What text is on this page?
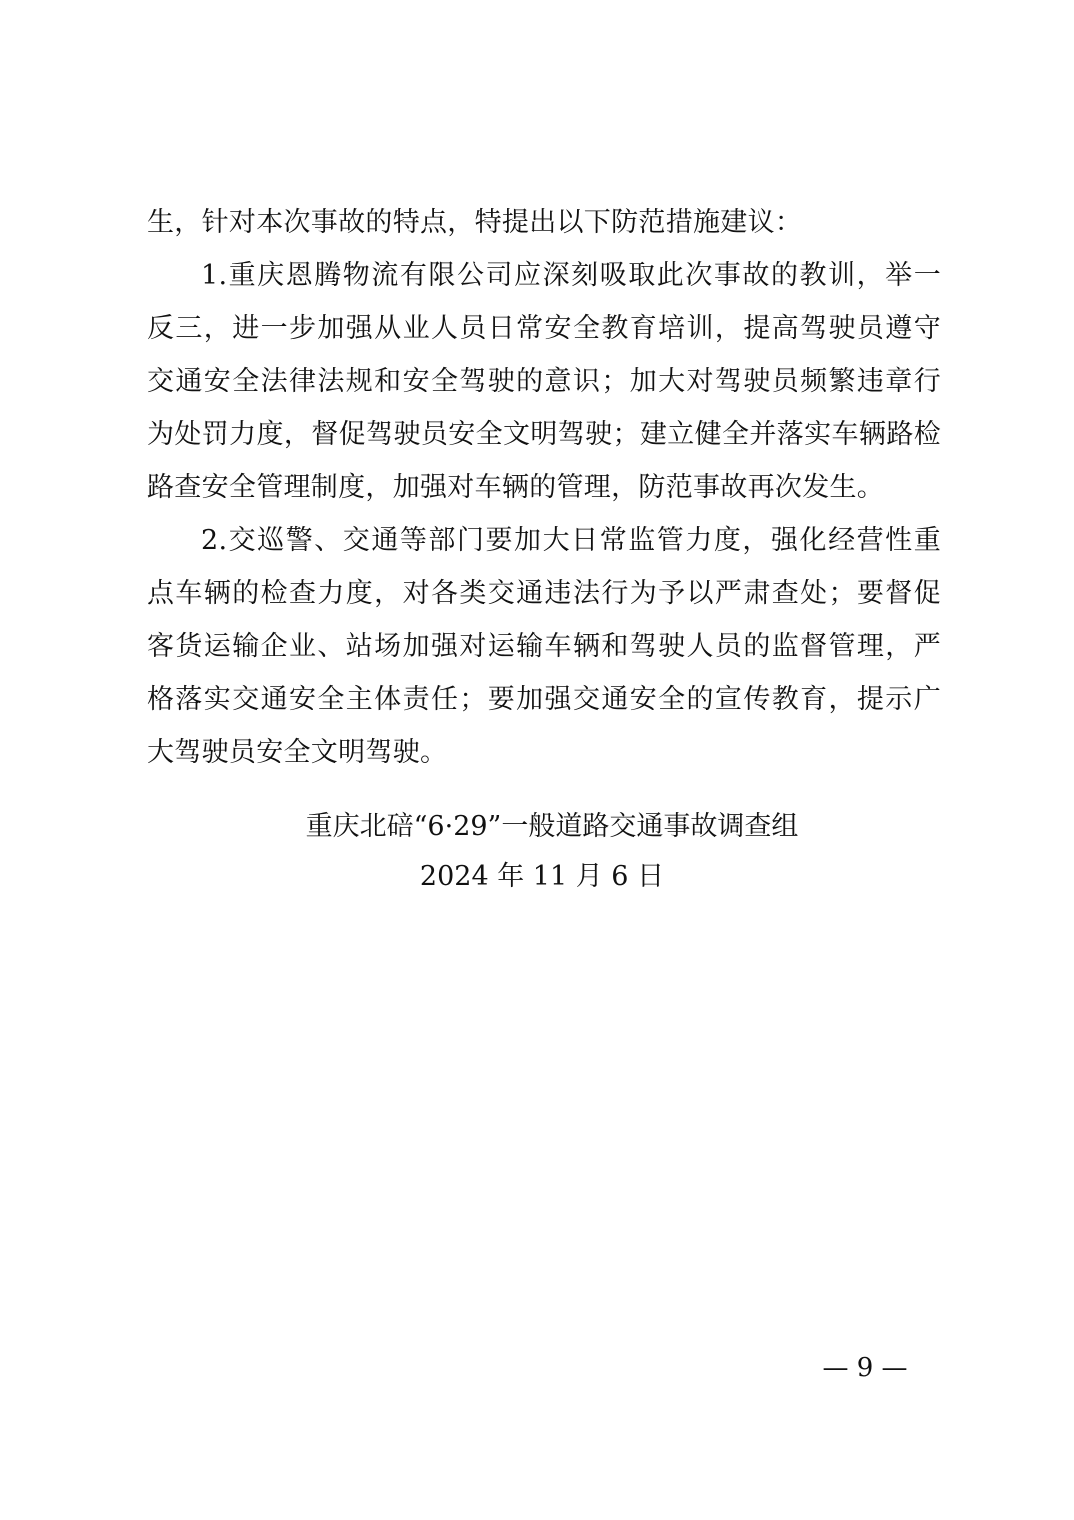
生，针对本次事故的特点，特提出以下防范措施建议：
1.重庆恩腾物流有限公司应深刻吸取此次事故的教训，举一
反三，进一步加强从业人员日常安全教育培训，提高驾驶员遵守
交通安全法律法规和安全驾驶的意识；加大对驾驶员频繁违章行
为处罚力度，督促驾驶员安全文明驾驶；建立健全并落实车辆路检
路查安全管理制度，加强对车辆的管理，防范事故再次发生。
2.交巡警、交通等部门要加大日常监管力度，强化经营性重
点车辆的检查力度，对各类交通违法行为予以严肃查处；要督促
客货运输企业、站场加强对运输车辆和驾驶人员的监督管理，严
格落实交通安全主体责任；要加强交通安全的宣传教育，提示广
大驾驶员安全文明驾驶。
重庆北碚“6·29”一般道路交通事故调查组
2024 年 11 月 6 日
— 9 —
